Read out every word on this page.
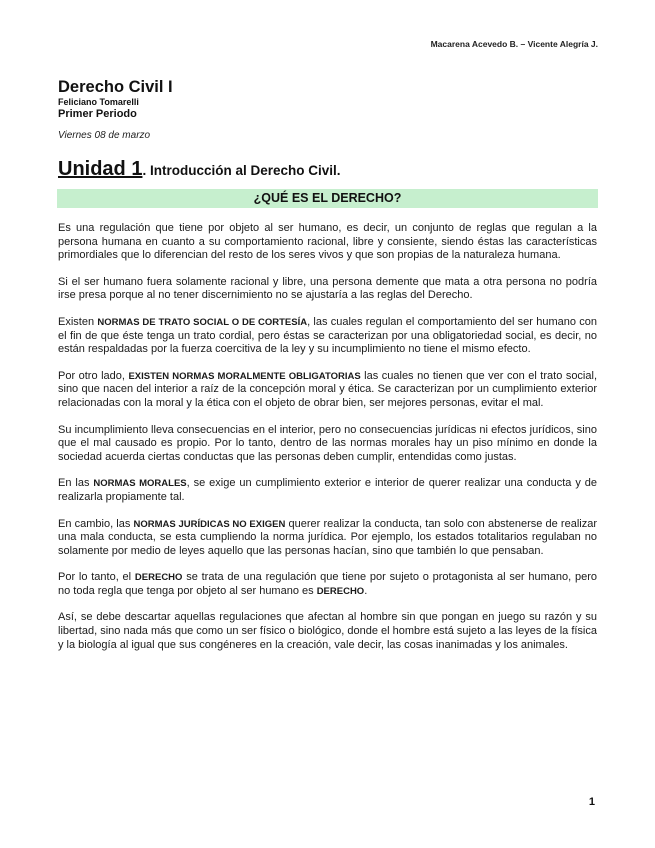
Macarena Acevedo B. – Vicente Alegría J.
Derecho Civil I
Feliciano Tomarelli
Primer Periodo
Viernes 08 de marzo
Unidad 1. Introducción al Derecho Civil.
¿QUÉ ES EL DERECHO?

Es una regulación que tiene por objeto al ser humano, es decir, un conjunto de reglas que regulan a la persona humana en cuanto a su comportamiento racional, libre y consiente, siendo éstas las características primordiales que lo diferencian del resto de los seres vivos y que son propias de la naturaleza humana.

Si el ser humano fuera solamente racional y libre, una persona demente que mata a otra persona no podría irse presa porque al no tener discernimiento no se ajustaría a las reglas del Derecho.

Existen NORMAS DE TRATO SOCIAL O DE CORTESÍA, las cuales regulan el comportamiento del ser humano con el fin de que éste tenga un trato cordial, pero éstas se caracterizan por una obligatoriedad social, es decir, no están respaldadas por la fuerza coercitiva de la ley y su incumplimiento no tiene el mismo efecto.

Por otro lado, EXISTEN NORMAS MORALMENTE OBLIGATORIAS las cuales no tienen que ver con el trato social, sino que nacen del interior a raíz de la concepción moral y ética. Se caracterizan por un cumplimiento exterior relacionadas con la moral y la ética con el objeto de obrar bien, ser mejores personas, evitar el mal.

Su incumplimiento lleva consecuencias en el interior, pero no consecuencias jurídicas ni efectos jurídicos, sino que el mal causado es propio. Por lo tanto, dentro de las normas morales hay un piso mínimo en donde la sociedad acuerda ciertas conductas que las personas deben cumplir, entendidas como justas.

En las NORMAS MORALES, se exige un cumplimiento exterior e interior de querer realizar una conducta y de realizarla propiamente tal.

En cambio, las NORMAS JURÍDICAS NO EXIGEN querer realizar la conducta, tan solo con abstenerse de realizar una mala conducta, se esta cumpliendo la norma jurídica. Por ejemplo, los estados totalitarios regulaban no solamente por medio de leyes aquello que las personas hacían, sino que también lo que pensaban.

Por lo tanto, el DERECHO se trata de una regulación que tiene por sujeto o protagonista al ser humano, pero no toda regla que tenga por objeto al ser humano es DERECHO.

Así, se debe descartar aquellas regulaciones que afectan al hombre sin que pongan en juego su razón y su libertad, sino nada más que como un ser físico o biológico, donde el hombre está sujeto a las leyes de la física y la biología al igual que sus congéneres en la creación, vale decir, las cosas inanimadas y los animales.

1
